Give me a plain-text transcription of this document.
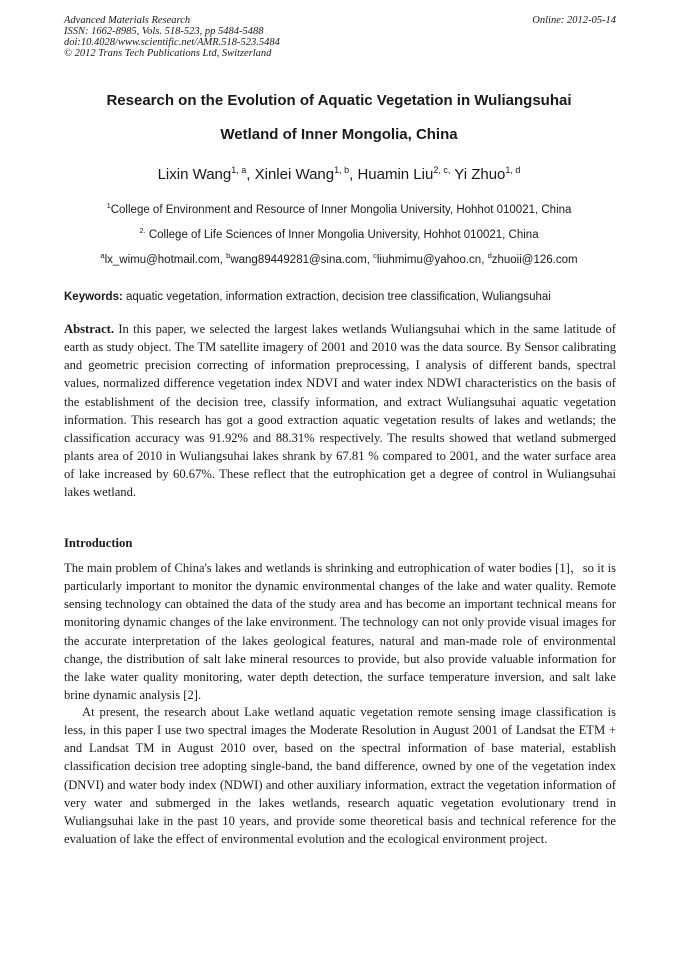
Advanced Materials Research
ISSN: 1662-8985, Vols. 518-523, pp 5484-5488
doi:10.4028/www.scientific.net/AMR.518-523.5484
© 2012 Trans Tech Publications Ltd, Switzerland
Online: 2012-05-14
Research on the Evolution of Aquatic Vegetation in Wuliangsuhai
Wetland of Inner Mongolia, China
Lixin Wang$^{1, a}$, Xinlei Wang$^{1, b}$, Huamin Liu$^{2, c,}$ Yi Zhuo$^{1, d}$
$^1$College of Environment and Resource of Inner Mongolia University, Hohhot 010021, China
$^{2.}$ College of Life Sciences of Inner Mongolia University, Hohhot 010021, China
$^a$lx_wimu@hotmail.com, $^b$wang89449281@sina.com, $^c$liuhmimu@yahoo.cn, $^d$zhuoii@126.com
Keywords: aquatic vegetation, information extraction, decision tree classification, Wuliangsuhai
Abstract. In this paper, we selected the largest lakes wetlands Wuliangsuhai which in the same latitude of earth as study object. The TM satellite imagery of 2001 and 2010 was the data source. By Sensor calibrating and geometric precision correcting of information preprocessing, I analysis of different bands, spectral values, normalized difference vegetation index NDVI and water index NDWI characteristics on the basis of the establishment of the decision tree, classify information, and extract Wuliangsuhai aquatic vegetation information. This research has got a good extraction aquatic vegetation results of lakes and wetlands; the classification accuracy was 91.92% and 88.31% respectively. The results showed that wetland submerged plants area of 2010 in Wuliangsuhai lakes shrank by 67.81 % compared to 2001, and the water surface area of lake increased by 60.67%. These reflect that the eutrophication get a degree of control in Wuliangsuhai lakes wetland.
Introduction
The main problem of China's lakes and wetlands is shrinking and eutrophication of water bodies [1]，so it is particularly important to monitor the dynamic environmental changes of the lake and water quality. Remote sensing technology can obtained the data of the study area and has become an important technical means for monitoring dynamic changes of the lake environment. The technology can not only provide visual images for the accurate interpretation of the lakes geological features, natural and man-made role of environmental change, the distribution of salt lake mineral resources to provide, but also provide valuable information for the lake water quality monitoring, water depth detection, the surface temperature inversion, and salt lake brine dynamic analysis [2].
At present, the research about Lake wetland aquatic vegetation remote sensing image classification is less, in this paper I use two spectral images the Moderate Resolution in August 2001 of Landsat the ETM + and Landsat TM in August 2010 over, based on the spectral information of base material, establish classification decision tree adopting single-band, the band difference, owned by one of the vegetation index (DNVI) and water body index (NDWI) and other auxiliary information, extract the vegetation information of very water and submerged in the lakes wetlands, research aquatic vegetation evolutionary trend in Wuliangsuhai lake in the past 10 years, and provide some theoretical basis and technical reference for the evaluation of lake the effect of environmental evolution and the ecological environment project.
